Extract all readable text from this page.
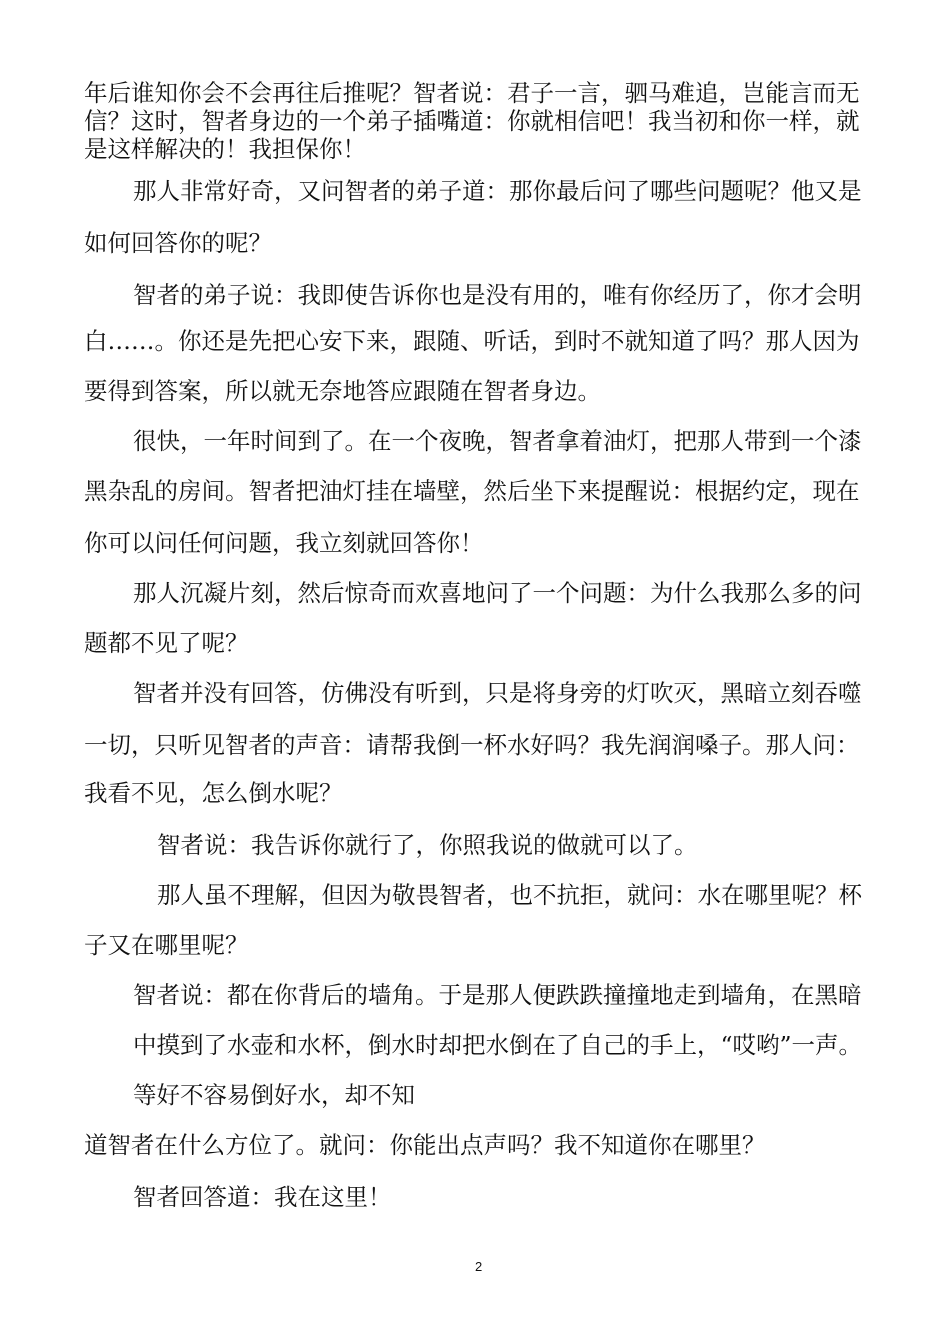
年后谁知你会不会再往后推呢？智者说：君子一言，驷马难追，岂能言而无
信？这时，智者身边的一个弟子插嘴道：你就相信吧！我当初和你一样，就
是这样解决的！我担保你！
那人非常好奇，又问智者的弟子道：那你最后问了哪些问题呢？他又是
如何回答你的呢？
智者的弟子说：我即使告诉你也是没有用的，唯有你经历了，你才会明
白……。你还是先把心安下来，跟随、听话，到时不就知道了吗？那人因为
要得到答案，所以就无奈地答应跟随在智者身边。
很快，一年时间到了。在一个夜晚，智者拿着油灯，把那人带到一个漆
黑杂乱的房间。智者把油灯挂在墙壁，然后坐下来提醒说：根据约定，现在
你可以问任何问题，我立刻就回答你！
那人沉凝片刻，然后惊奇而欢喜地问了一个问题：为什么我那么多的问
题都不见了呢？
智者并没有回答，仿佛没有听到，只是将身旁的灯吹灭，黑暗立刻吞噬
一切，只听见智者的声音：请帮我倒一杯水好吗？我先润润嗓子。那人问：
我看不见，怎么倒水呢？
智者说：我告诉你就行了，你照我说的做就可以了。
那人虽不理解，但因为敬畏智者，也不抗拒，就问：水在哪里呢？杯
子又在哪里呢？
智者说：都在你背后的墙角。于是那人便跌跌撞撞地走到墙角，在黑暗
中摸到了水壶和水杯，倒水时却把水倒在了自己的手上，“哎哟”一声。
等好不容易倒好水，却不知
道智者在什么方位了。就问：你能出点声吗？我不知道你在哪里？
智者回答道：我在这里！
2
